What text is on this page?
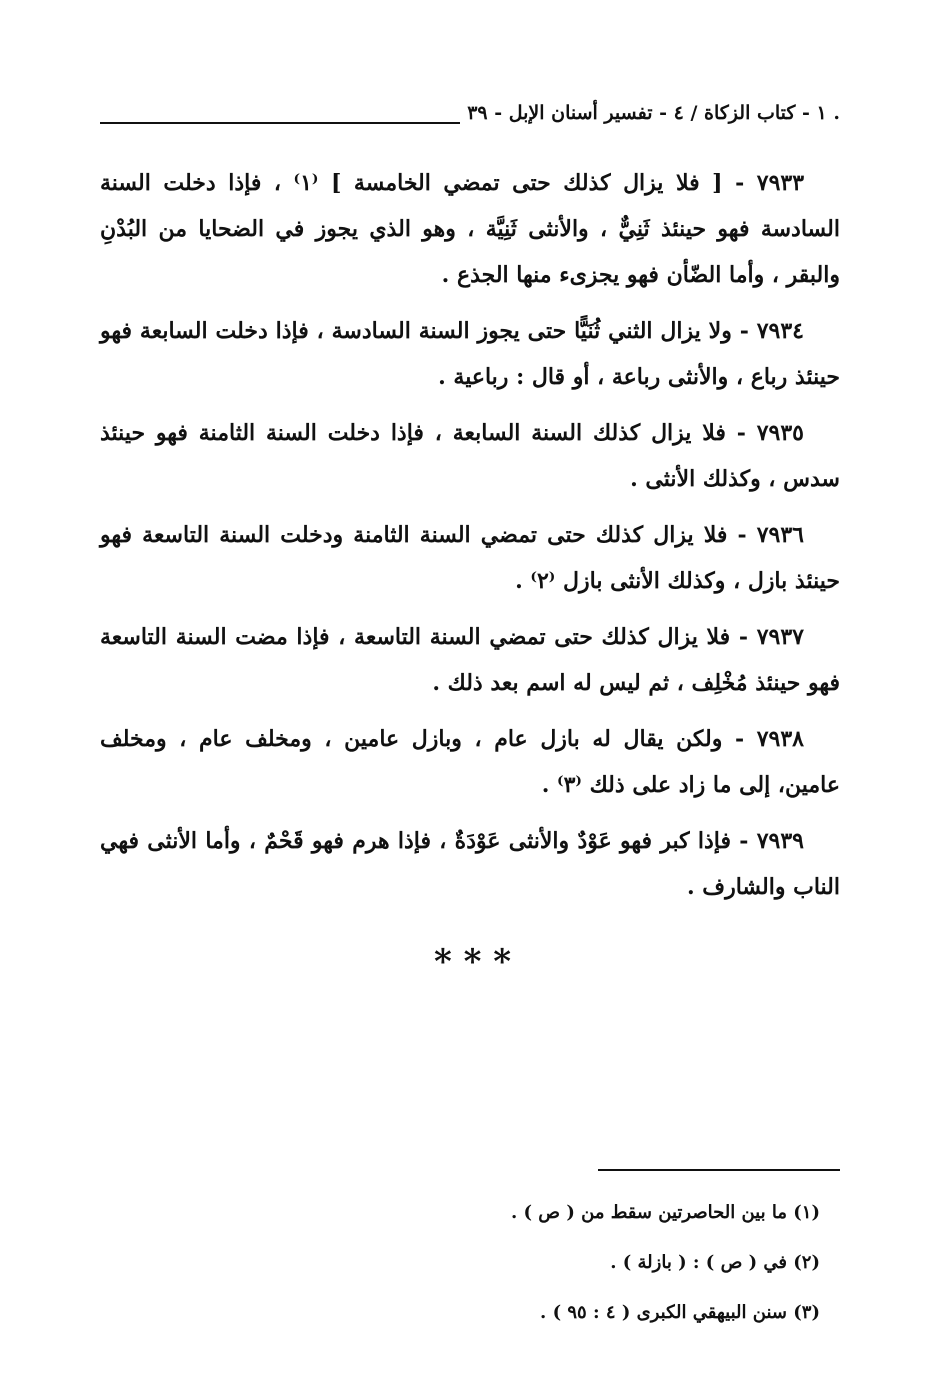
. ١ - كتاب الزكاة / ٤ - تفسير أسنان الإبل - ٣٩

٧٩٣٣ - [ فلا يزال كذلك حتى تمضي الخامسة ] ⁽١⁾ ، فإذا دخلت السنة السادسة فهو حينئذ ثَنِيٌّ ، والأنثى ثَنِيَّة ، وهو الذي يجوز في الضحايا من البُدْنِ والبقر ، وأما الضّأن فهو يجزىء منها الجذع .

٧٩٣٤ - ولا يزال الثني ثُنَيًّا حتى يجوز السنة السادسة ، فإذا دخلت السابعة فهو حينئذ رباع ، والأنثى رباعة ، أو قال : رباعية .

٧٩٣٥ - فلا يزال كذلك السنة السابعة ، فإذا دخلت السنة الثامنة فهو حينئذ سدس ، وكذلك الأنثى .

٧٩٣٦ - فلا يزال كذلك حتى تمضي السنة الثامنة ودخلت السنة التاسعة فهو حينئذ بازل ، وكذلك الأنثى بازل ⁽٢⁾ .

٧٩٣٧ - فلا يزال كذلك حتى تمضي السنة التاسعة ، فإذا مضت السنة التاسعة فهو حينئذ مُخْلِف ، ثم ليس له اسم بعد ذلك .

٧٩٣٨ - ولكن يقال له بازل عام ، وبازل عامين ، ومخلف عام ، ومخلف عامين، إلى ما زاد على ذلك ⁽٣⁾ .

٧٩٣٩ - فإذا كبر فهو عَوْدٌ والأنثى عَوْدَةٌ ، فإذا هرم فهو قَحْمٌ ، وأما الأنثى فهي الناب والشارف .

* * *
(١) ما بين الحاصرتين سقط من ( ص ) .
(٢) في ( ص ) : ( بازلة ) .
(٣) سنن البيهقي الكبرى ( ٤ : ٩٥ ) .
